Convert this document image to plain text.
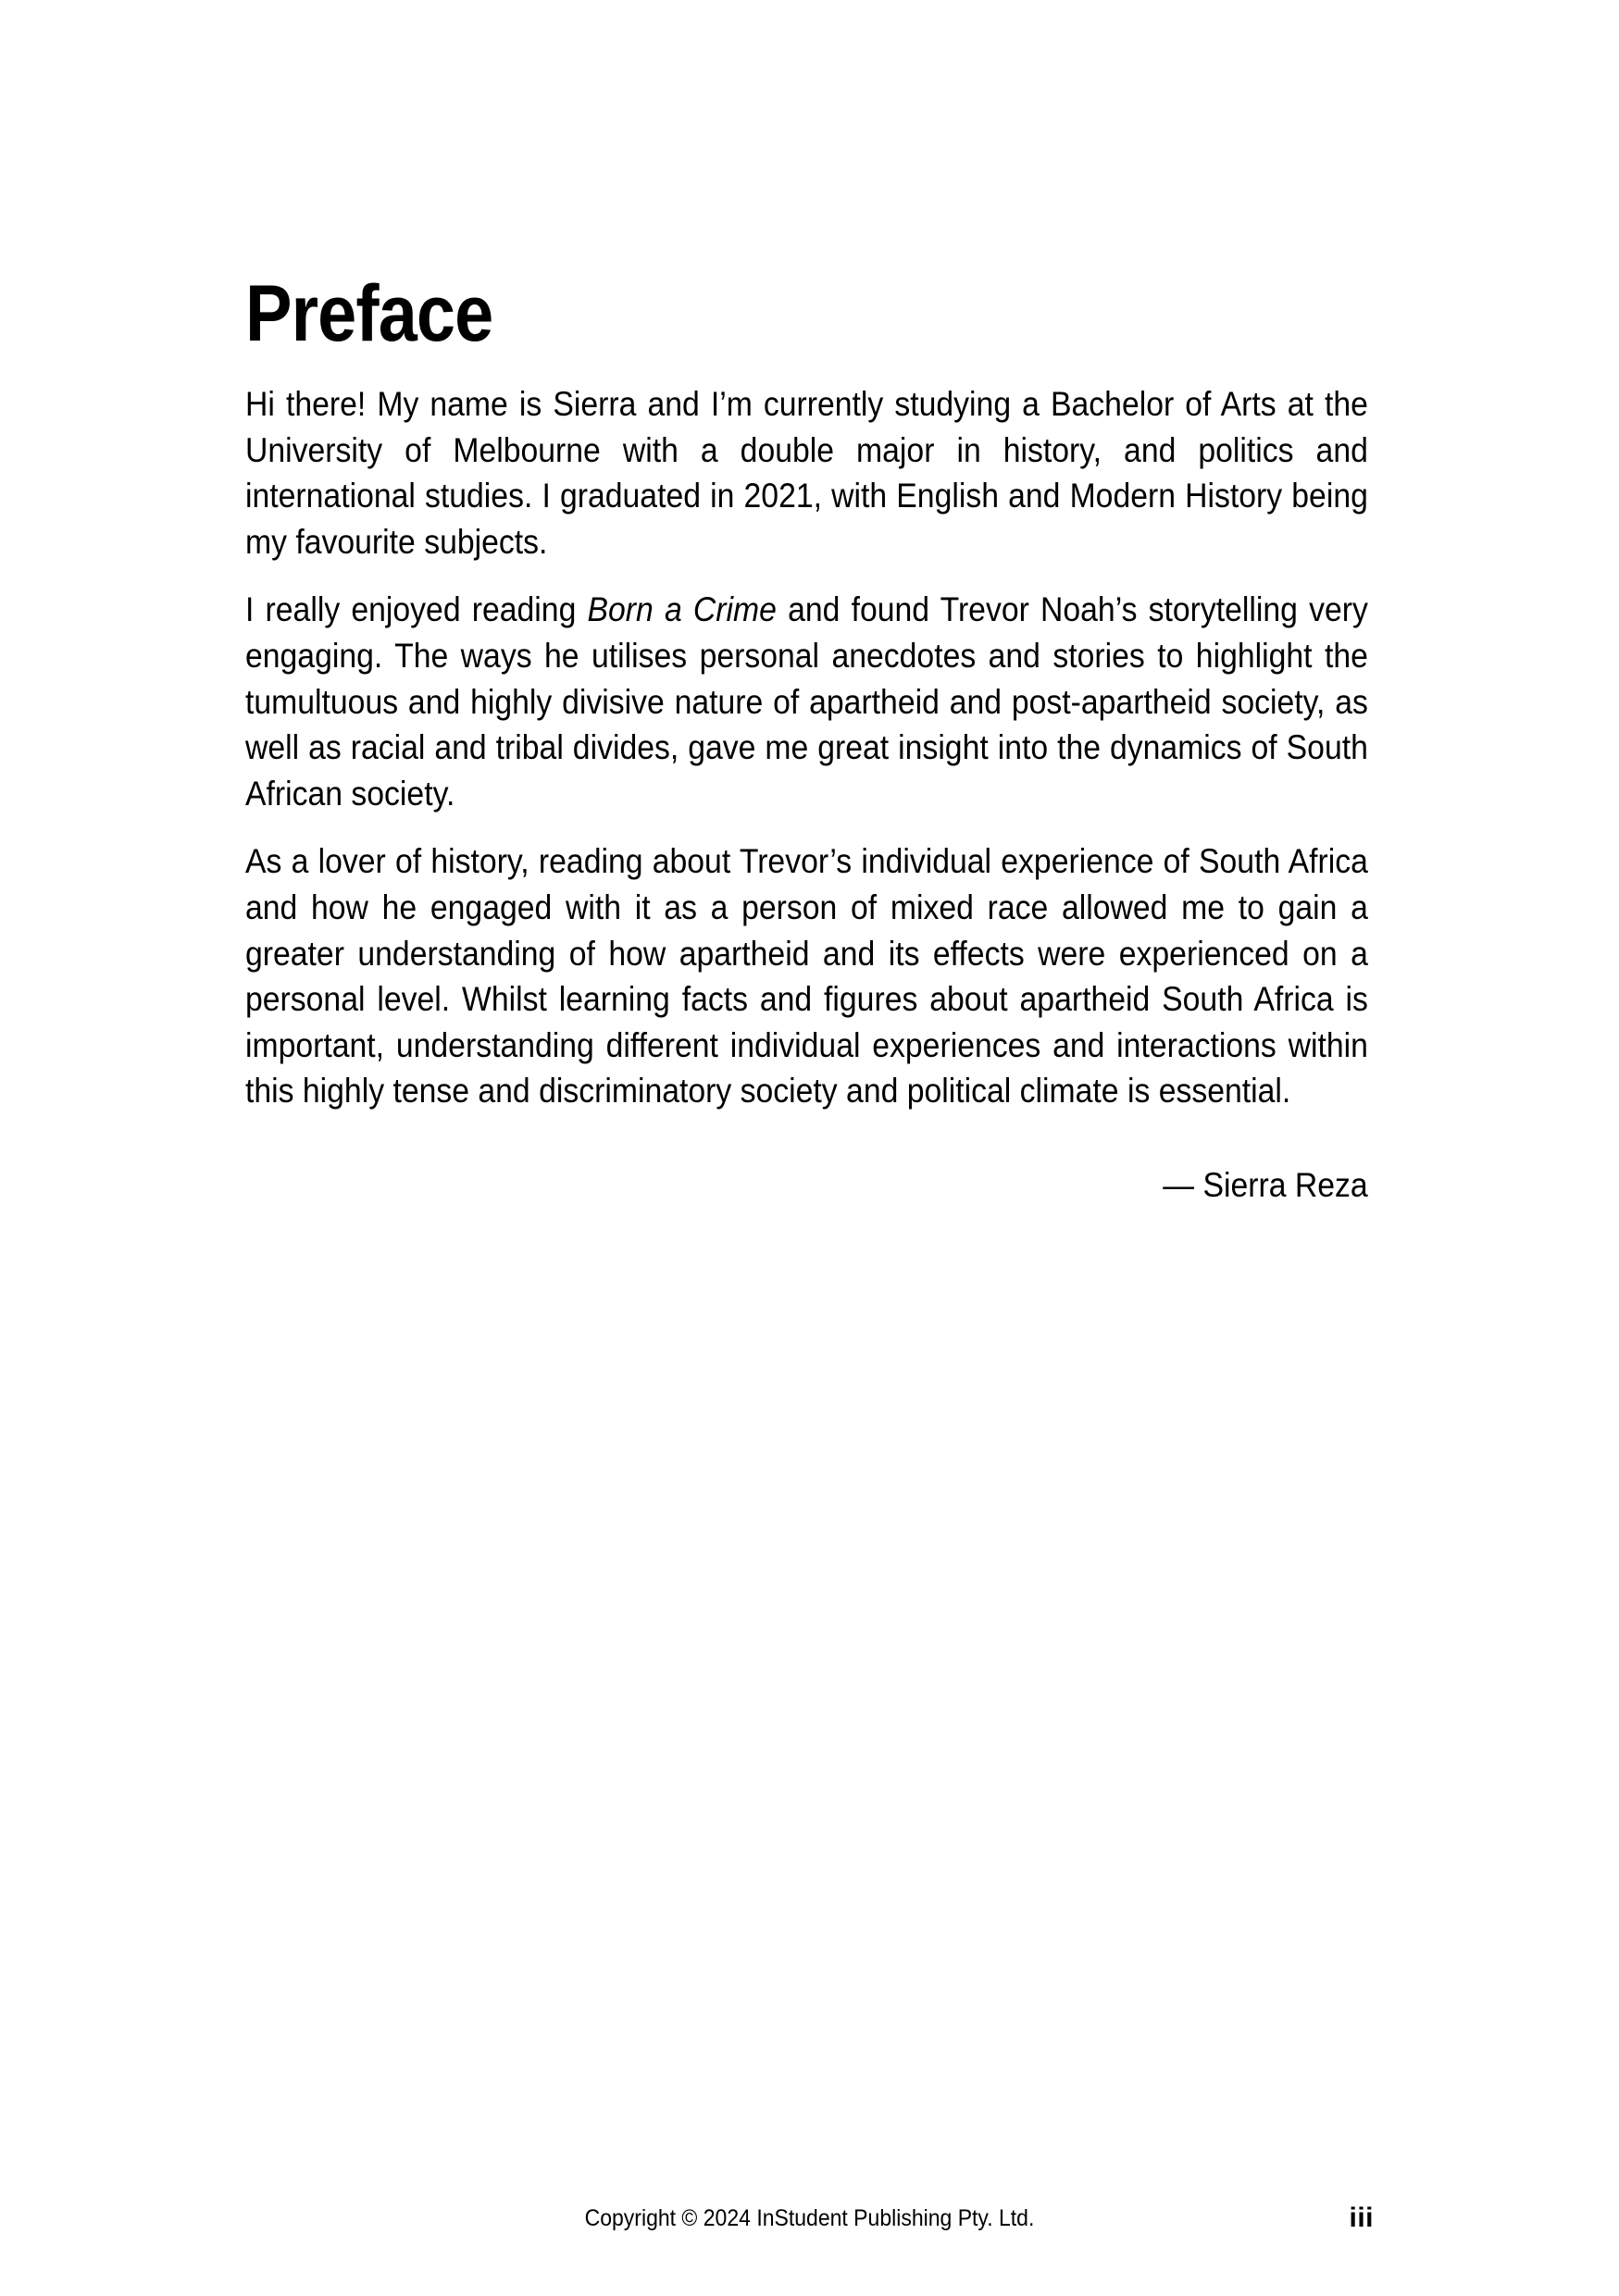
Preface

Hi there! My name is Sierra and I’m currently studying a Bachelor of Arts at the University of Melbourne with a double major in history, and politics and international studies. I graduated in 2021, with English and Modern History being my favourite subjects.

I really enjoyed reading Born a Crime and found Trevor Noah’s storytelling very engaging. The ways he utilises personal anecdotes and stories to highlight the tumultuous and highly divisive nature of apartheid and post-apartheid society, as well as racial and tribal divides, gave me great insight into the dynamics of South African society.

As a lover of history, reading about Trevor’s individual experience of South Africa and how he engaged with it as a person of mixed race allowed me to gain a greater understanding of how apartheid and its effects were experienced on a personal level. Whilst learning facts and figures about apartheid South Africa is important, understanding different individual experiences and interactions within this highly tense and discriminatory society and political climate is essential.

— Sierra Reza
Copyright © 2024 InStudent Publishing Pty. Ltd.	iii
